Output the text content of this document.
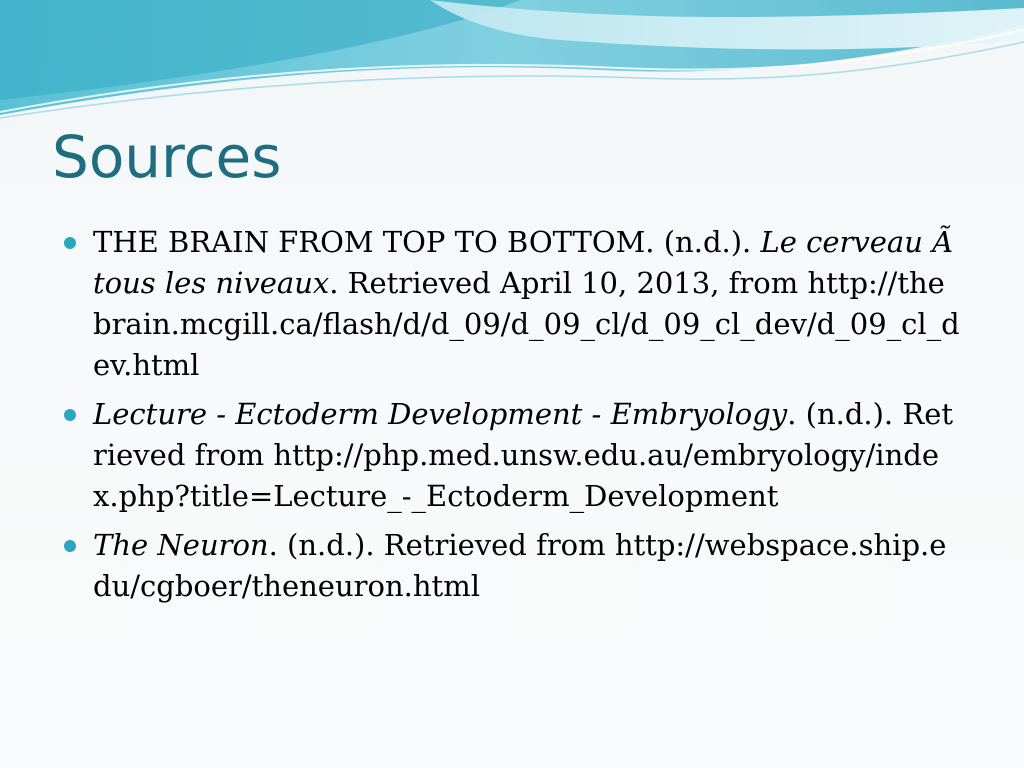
Sources
THE BRAIN FROM TOP TO BOTTOM. (n.d.). Le cerveau Ã tous les niveaux. Retrieved April 10, 2013, from http://thebrain.mcgill.ca/flash/d/d_09/d_09_cl/d_09_cl_dev/d_09_cl_dev.html
Lecture - Ectoderm Development - Embryology. (n.d.). Retrieved from http://php.med.unsw.edu.au/embryology/index.php?title=Lecture_-_Ectoderm_Development
The Neuron. (n.d.). Retrieved from http://webspace.ship.edu/cgboer/theneuron.html
